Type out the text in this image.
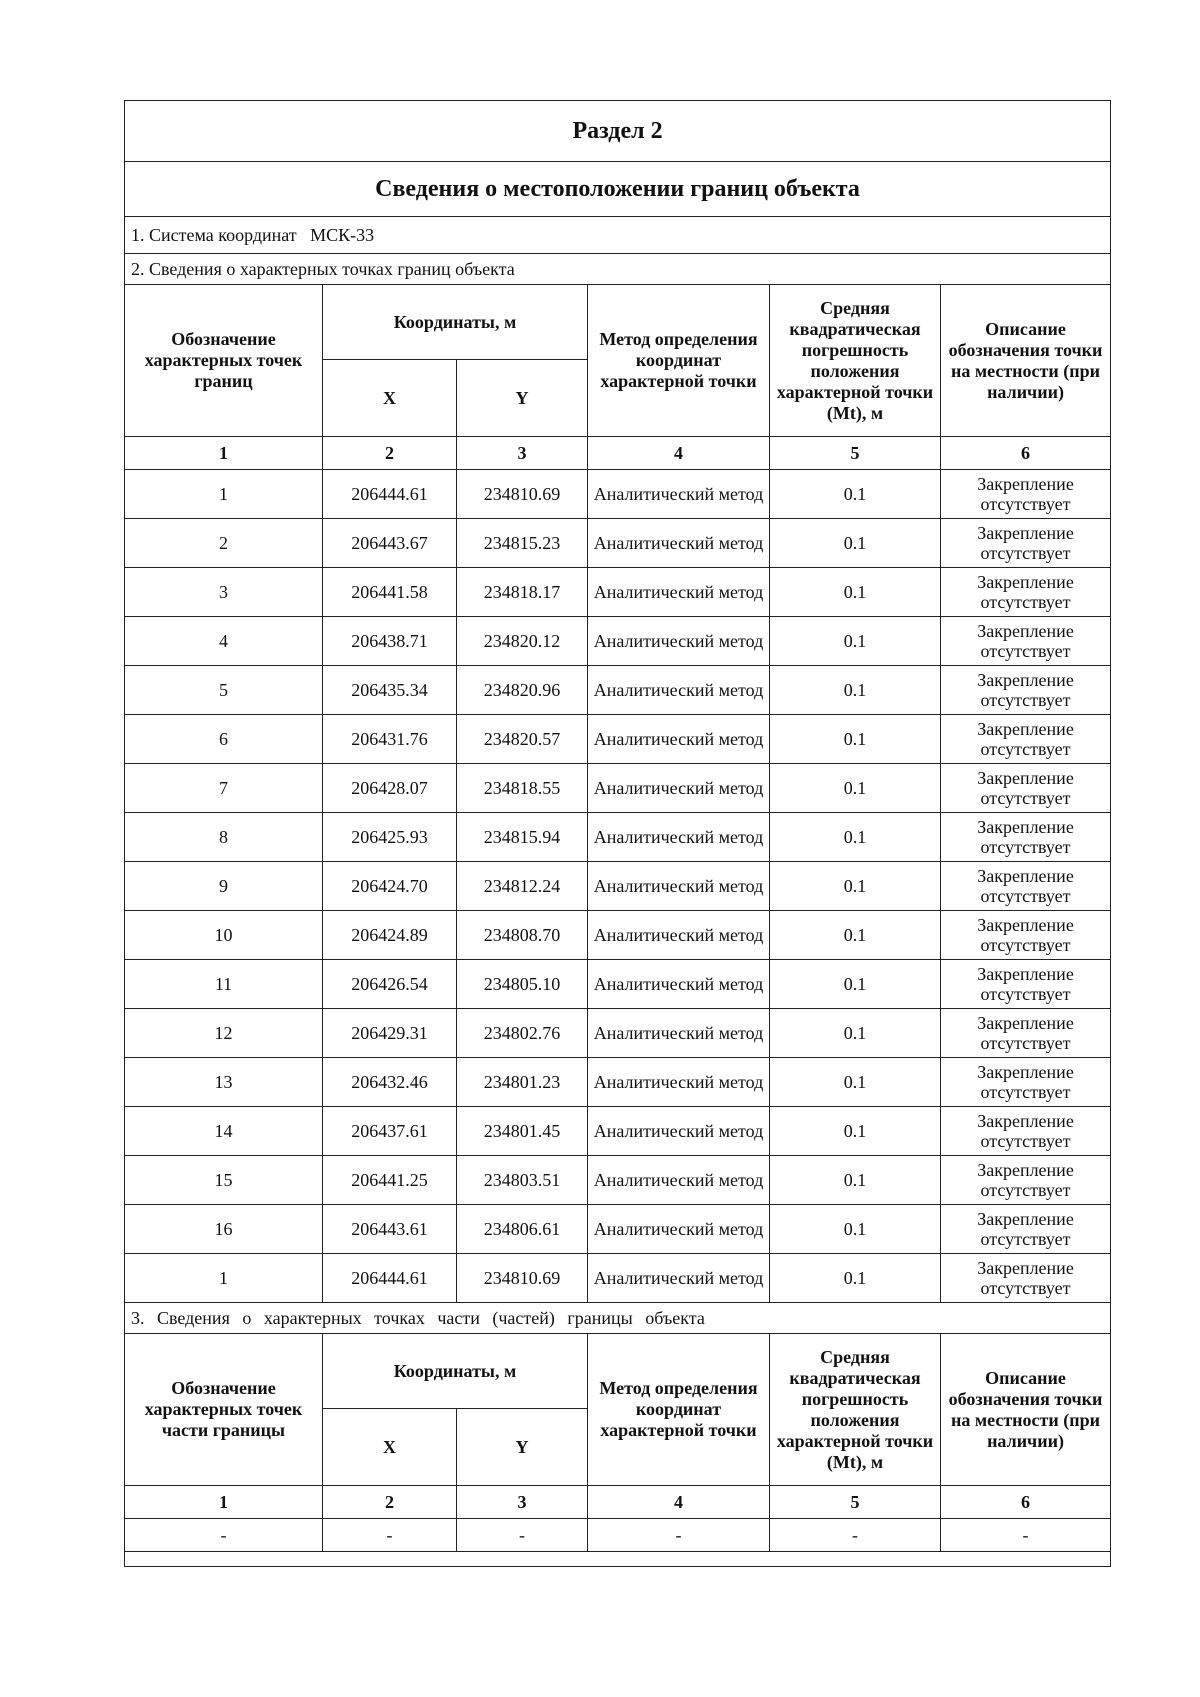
Раздел 2					
Сведения о местоположении границ объекта					
1. Система координат МСК-33					
2. Сведения о характерных точках границ объекта					
Обозначение характерных точек границ	Координаты, м		Метод определения координат характерной точки	Средняя квадратическая погрешность положения характерной точки (Mt), м	Описание обозначения точки на местности (при наличии)
	X	Y			
1	2	3	4	5	6
1	206444.61	234810.69	Аналитический метод	0.1	Закрепление отсутствует
2	206443.67	234815.23	Аналитический метод	0.1	Закрепление отсутствует
3	206441.58	234818.17	Аналитический метод	0.1	Закрепление отсутствует
4	206438.71	234820.12	Аналитический метод	0.1	Закрепление отсутствует
5	206435.34	234820.96	Аналитический метод	0.1	Закрепление отсутствует
6	206431.76	234820.57	Аналитический метод	0.1	Закрепление отсутствует
7	206428.07	234818.55	Аналитический метод	0.1	Закрепление отсутствует
8	206425.93	234815.94	Аналитический метод	0.1	Закрепление отсутствует
9	206424.70	234812.24	Аналитический метод	0.1	Закрепление отсутствует
10	206424.89	234808.70	Аналитический метод	0.1	Закрепление отсутствует
11	206426.54	234805.10	Аналитический метод	0.1	Закрепление отсутствует
12	206429.31	234802.76	Аналитический метод	0.1	Закрепление отсутствует
13	206432.46	234801.23	Аналитический метод	0.1	Закрепление отсутствует
14	206437.61	234801.45	Аналитический метод	0.1	Закрепление отсутствует
15	206441.25	234803.51	Аналитический метод	0.1	Закрепление отсутствует
16	206443.61	234806.61	Аналитический метод	0.1	Закрепление отсутствует
1	206444.61	234810.69	Аналитический метод	0.1	Закрепление отсутствует
3. Сведения о характерных точках части (частей) границы объекта					
Обозначение характерных точек части границы	Координаты, м		Метод определения координат характерной точки	Средняя квадратическая погрешность положения характерной точки (Mt), м	Описание обозначения точки на местности (при наличии)
	X	Y			
1	2	3	4	5	6
-	-	-	-	-	-
